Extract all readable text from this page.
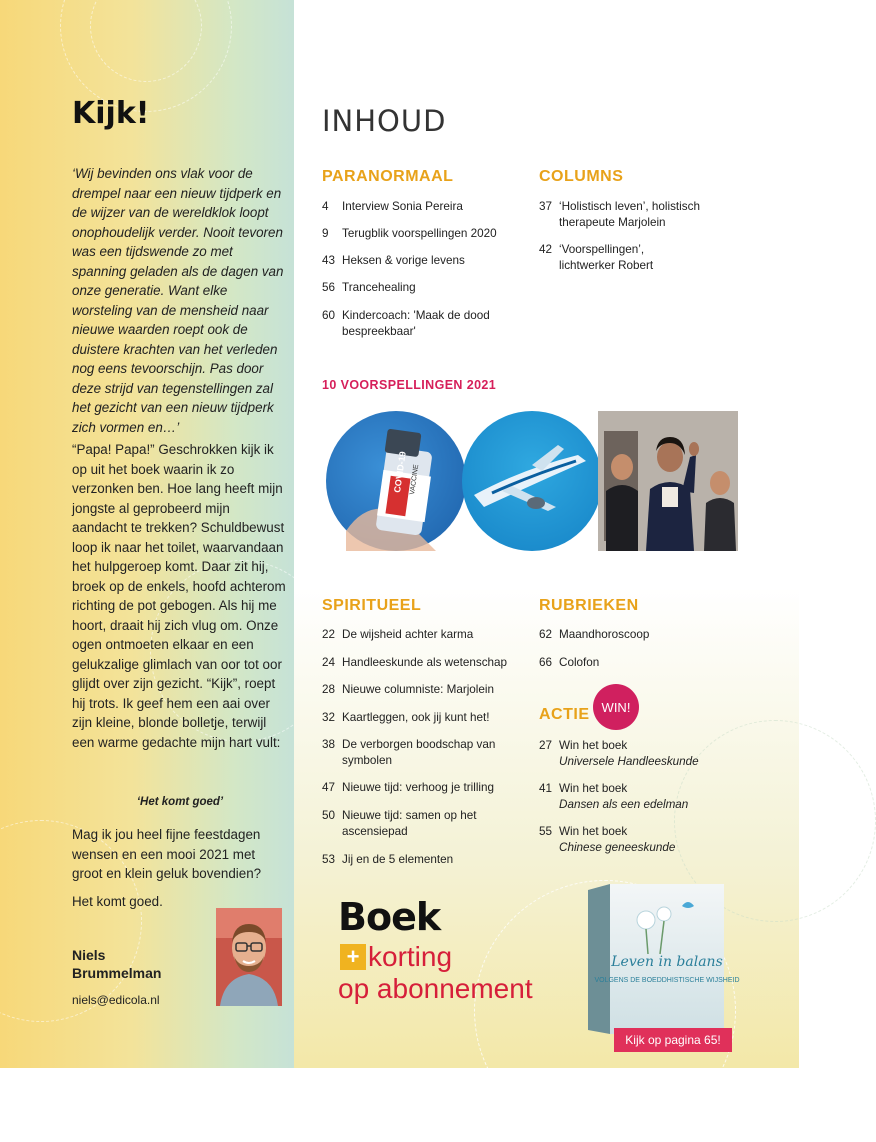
Kijk!
‘Wij bevinden ons vlak voor de drempel naar een nieuw tijdperk en de wijzer van de wereldklok loopt onophoudelijk verder. Nooit tevoren was een tijdswende zo met spanning geladen als de dagen van onze generatie. Want elke worsteling van de mensheid naar nieuwe waarden roept ook de duistere krachten van het verleden nog eens tevoorschijn. Pas door deze strijd van tegenstellingen zal het gezicht van een nieuw tijdperk zich vormen en…’
“Papa! Papa!” Geschrokken kijk ik op uit het boek waarin ik zo verzonken ben. Hoe lang heeft mijn jongste al geprobeerd mijn aandacht te trekken? Schuldbewust loop ik naar het toilet, waarvandaan het hulpgeroep komt. Daar zit hij, broek op de enkels, hoofd achterom richting de pot gebogen. Als hij me hoort, draait hij zich vlug om. Onze ogen ontmoeten elkaar en een gelukzalige glimlach van oor tot oor glijdt over zijn gezicht. “Kijk”, roept hij trots. Ik geef hem een aai over zijn kleine, blonde bolletje, terwijl een warme gedachte mijn hart vult:
‘Het komt goed’
Mag ik jou heel fijne feestdagen wensen en een mooi 2021 met groot en klein geluk bovendien?
Het komt goed.
Niels
Brummelman
niels@edicola.nl
INHOUD
PARANORMAAL
4	Interview Sonia Pereira
9	Terugblik voorspellingen 2020
43 Heksen & vorige levens
56 Trancehealing
60 Kindercoach: 'Maak de dood bespreekbaar'
COLUMNS
37 ‘Holistisch leven’, holistisch therapeute Marjolein
42 ‘Voorspellingen’, lichtwerker Robert
10 VOORSPELLINGEN 2021
COVID-19 VACCINE
SPIRITUEEL
22 De wijsheid achter karma
24 Handleeskunde als wetenschap
28 Nieuwe columniste: Marjolein
32 Kaartleggen, ook jij kunt het!
38 De verborgen boodschap van symbolen
47 Nieuwe tijd: verhoog je trilling
50 Nieuwe tijd: samen op het ascensiepad
53 Jij en de 5 elementen
RUBRIEKEN
62 Maandhoroscoop
66 Colofon
ACTIE WIN!
27 Win het boek
Universele Handleeskunde
41 Win het boek
Dansen als een edelman
55 Win het boek
Chinese geneeskunde
Boek
+ korting
op abonnement
Leven in balans
VOLGENS DE BOEDDHISTISCHE WIJSHEID
Kijk op pagina 65!
